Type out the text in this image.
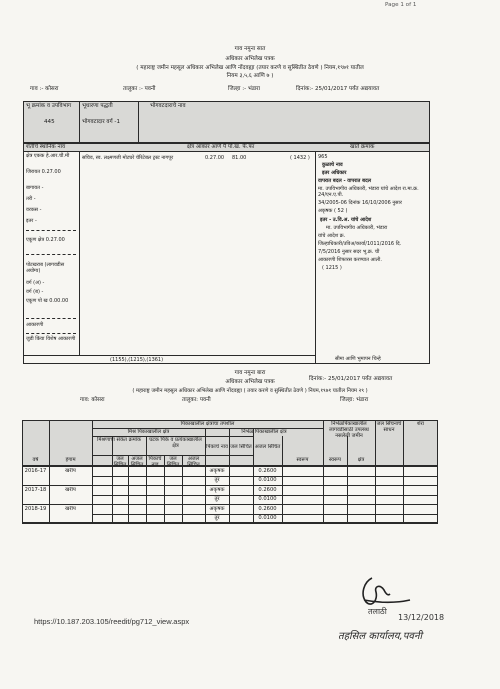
Page 1 of 1
गाव नमुना सात
अधिकार अभिलेख पत्रक
( महाराष्ट्र जमीन महसूल अधिकार अभिलेख आणि नोंदवह्या (तयार करणे व सुस्थितीत ठेवणे ) नियम,१९७१ यातील
नियम ३,५,६ आणि ७ )
गाव :- कोसरा	तालुका :- पवनी	जिल्हा :- भंडारा	दिनांक:- 25/01/2017 पर्यंत अद्ययावत
भू क्रमांक व उपविभाग
445
भूधारणा पद्धती
भोगवटादार वर्ग -1
भोगवटदाराचे नाव
शेतीचे स्थानिक नाव	क्षेत्र आकार आणे पै पो.ख. फे.फा	खाते क्रमांक
क्षेत्र एकक हे.आर.चौ.मी
जिरायत 0.27.00
बागायत -
तरी -
वरकस -
इतर -
एकूण क्षेत्र 0.27.00
पोटखराब (लागवडीस अयोग्य)
वर्ग (अ) -
वर्ग (ब) -
एकूण पो ख 0.00.00
आकारणी
जुडी किंवा विशेष आकारणी
सचिव, स्व. लक्ष्मणजी मोटघरे चॅरिटेबल ट्रस्ट नागपूर	0.27.00 81.00	( 1432 ) 965
कुळाचे नाव
इतर अधिकार
वापरात बदल - वापरात बदल
मा. उपविभागीय अधिकारी, भंडारा यांचे आदेश रा.मा.क्र. 24/एन.ए.पी.
34/2005-06 दिनांक 16/10/2006 नुसार
अकृषक ( 52 )
इतर - उ.वि.अ. यांचे आदेश
मा. उपविभागीय अधिकारी, भंडारा
यांचे आदेश क्र.
जिल्हाधिकारी/उविअ/कार्या/1011/2016 दि.
7/5/2016 नुसार सदर भू.क्र. ची
आकारणी शिफारस करण्यात आली.
( 1215 )
(1155),(1215),(1361)	सीमा आणि भुमापन चिन्हे
गाव नमुना बारा
दिनांक:- 25/01/2017 पर्यंत अद्ययावत
अधिकार अभिलेख पत्रक
( महाराष्ट्र जमीन महसूल अधिकार अभिलेख आणि नोंदवह्या ( तयार करणे व सुस्थितीत ठेवणे ) नियम,१९७१ यातील नियम २९ )
गाव: कोसरा	तालुका: पवनी	जिल्हा: भंडारा
पिकाखालील क्षेत्राचा तपशील
मिश्र पिकाखालील क्षेत्र	निर्भेळ पिकाखालील क्षेत्र
निर्भेळपिकाखालील
लागवडीसाठी उपलब्ध नसलेली जमीन
जल सिंचनाचे साधन
शेरा
मिश्रणाचा संकेत क्रमांक	घटक पिके व प्रत्येकाखालील क्षेत्र
वर्ष	हंगाम	जल सिंचित
अजल सिंचित
पिकाचे नाव
जल सिंचित
अजल सिंचित
पिकाचे नाव जल सिंचित अजल सिंचित
स्वरूप	स्वरूप	क्षेत्र
2016-17	खरीप	अकृषक	0.2600
तूर	0.0100
2017-18	खरीप	अकृषक	0.2600
तूर	0.0100
2018-19	खरीप	अकृषक	0.2600
तूर	0.0100
https://10.187.203.105/reedit/pg712_view.aspx
तलाठी
13/12/2018
तहसिल कार्यालय,पवनी
